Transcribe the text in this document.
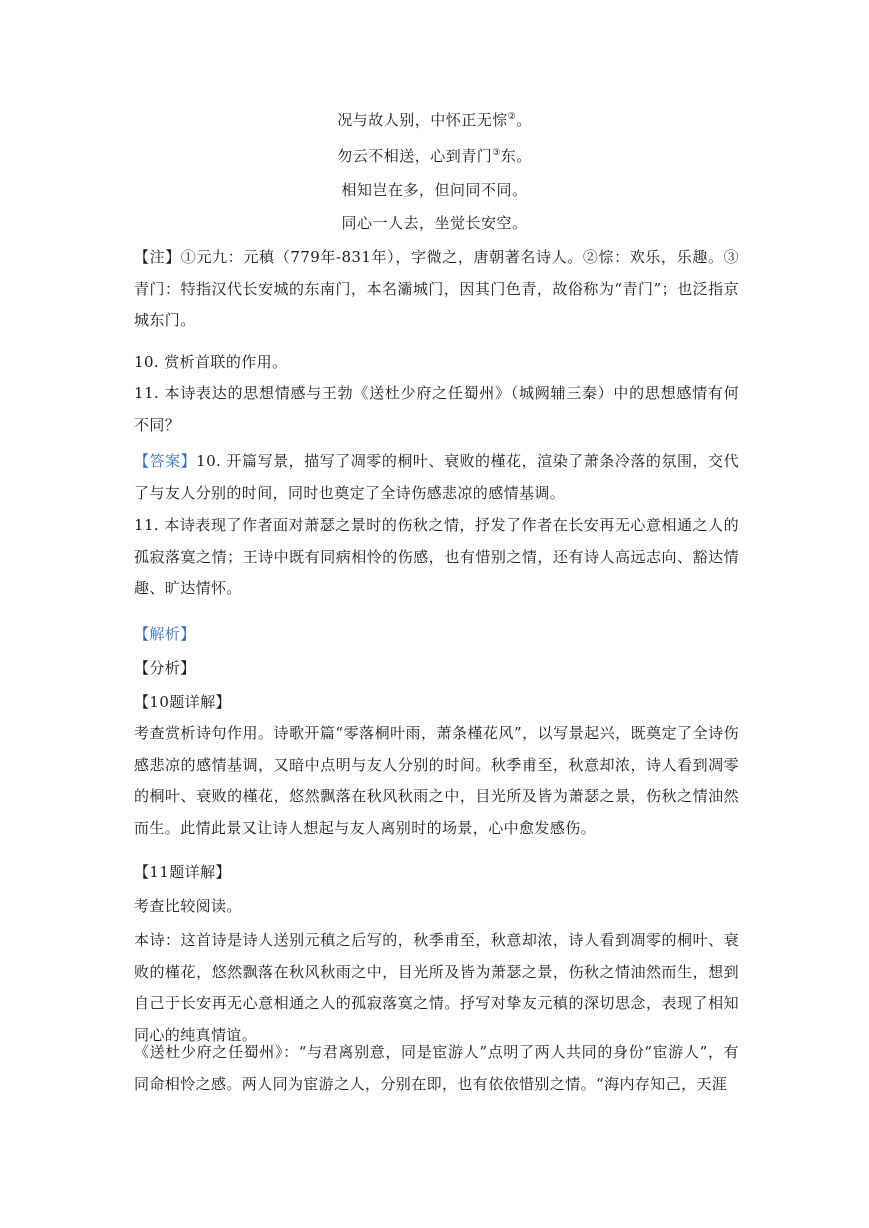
况与故人别，中怀正无悰②。
勿云不相送，心到青门③东。
相知岂在多，但问同不同。
同心一人去，坐觉长安空。
【注】①元九：元稹（779年-831年），字微之，唐朝著名诗人。②悰：欢乐，乐趣。③青门：特指汉代长安城的东南门，本名灞城门，因其门色青，故俗称为“青门”；也泛指京城东门。
10. 赏析首联的作用。
11. 本诗表达的思想情感与王勃《送杜少府之任蜀州》（城阙辅三秦）中的思想感情有何不同？
【答案】10. 开篇写景，描写了凋零的桐叶、衰败的槿花，渲染了萧条冷落的氛围，交代了与友人分别的时间，同时也奠定了全诗伤感悲凉的感情基调。
11. 本诗表现了作者面对萧瑟之景时的伤秋之情，抒发了作者在长安再无心意相通之人的孤寂落寞之情；王诗中既有同病相怜的伤感，也有惜别之情，还有诗人高远志向、豁达情趣、旷达情怀。
【解析】
【分析】
【10题详解】
考查赏析诗句作用。诗歌开篇“零落桐叶雨，萧条槿花风”，以写景起兴，既奠定了全诗伤感悲凉的感情基调，又暗中点明与友人分别的时间。秋季甫至，秋意却浓，诗人看到凋零的桐叶、衰败的槿花，悠然飘落在秋风秋雨之中，目光所及皆为萧瑟之景，伤秋之情油然而生。此情此景又让诗人想起与友人离别时的场景，心中愈发感伤。
【11题详解】
考查比较阅读。
本诗：这首诗是诗人送别元稹之后写的，秋季甫至，秋意却浓，诗人看到凋零的桐叶、衰败的槿花，悠然飘落在秋风秋雨之中，目光所及皆为萧瑟之景，伤秋之情油然而生，想到自己于长安再无心意相通之人的孤寂落寞之情。抒写对挚友元稹的深切思念，表现了相知同心的纯真情谊。
《送杜少府之任蜀州》：“与君离别意，同是宦游人”点明了两人共同的身份“宦游人”，有同命相怜之感。两人同为宦游之人，分别在即，也有依依惜别之情。“海内存知己，天涯
